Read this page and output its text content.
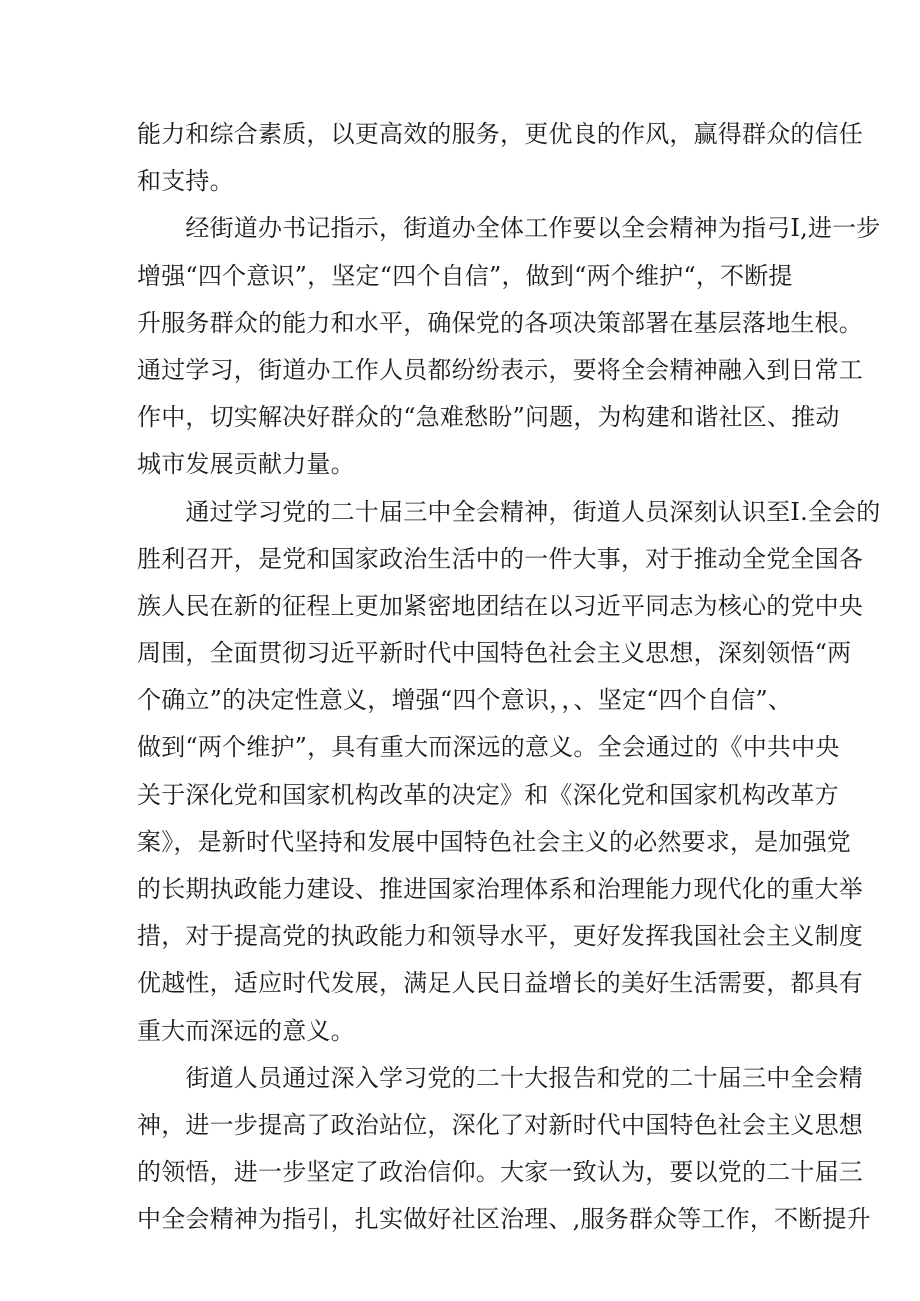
能力和综合素质，以更高效的服务，更优良的作风，赢得群众的信任
和支持。
　　经街道办书记指示，街道办全体工作要以全会精神为指弓I,进一步
增强“四个意识”，坚定“四个自信”，做到“两个维护“，不断提
升服务群众的能力和水平，确保党的各项决策部署在基层落地生根。
通过学习，街道办工作人员都纷纷表示，要将全会精神融入到日常工
作中，切实解决好群众的“急难愁盼”问题，为构建和谐社区、推动
城市发展贡献力量。
　　通过学习党的二十届三中全会精神，街道人员深刻认识至I.全会的
胜利召开，是党和国家政治生活中的一件大事，对于推动全党全国各
族人民在新的征程上更加紧密地团结在以习近平同志为核心的党中央
周围，全面贯彻习近平新时代中国特色社会主义思想，深刻领悟“两
个确立”的决定性意义，增强“四个意识，，、坚定“四个自信”、
做到“两个维护”，具有重大而深远的意义。全会通过的《中共中央
关于深化党和国家机构改革的决定》和《深化党和国家机构改革方
案》，是新时代坚持和发展中国特色社会主义的必然要求，是加强党
的长期执政能力建设、推进国家治理体系和治理能力现代化的重大举
措，对于提高党的执政能力和领导水平，更好发挥我国社会主义制度
优越性，适应时代发展，满足人民日益增长的美好生活需要，都具有
重大而深远的意义。
　　街道人员通过深入学习党的二十大报告和党的二十届三中全会精
神，进一步提高了政治站位，深化了对新时代中国特色社会主义思想
的领悟，进一步坚定了政治信仰。大家一致认为，要以党的二十届三
中全会精神为指引，扎实做好社区治理、,服务群众等工作，不断提升
